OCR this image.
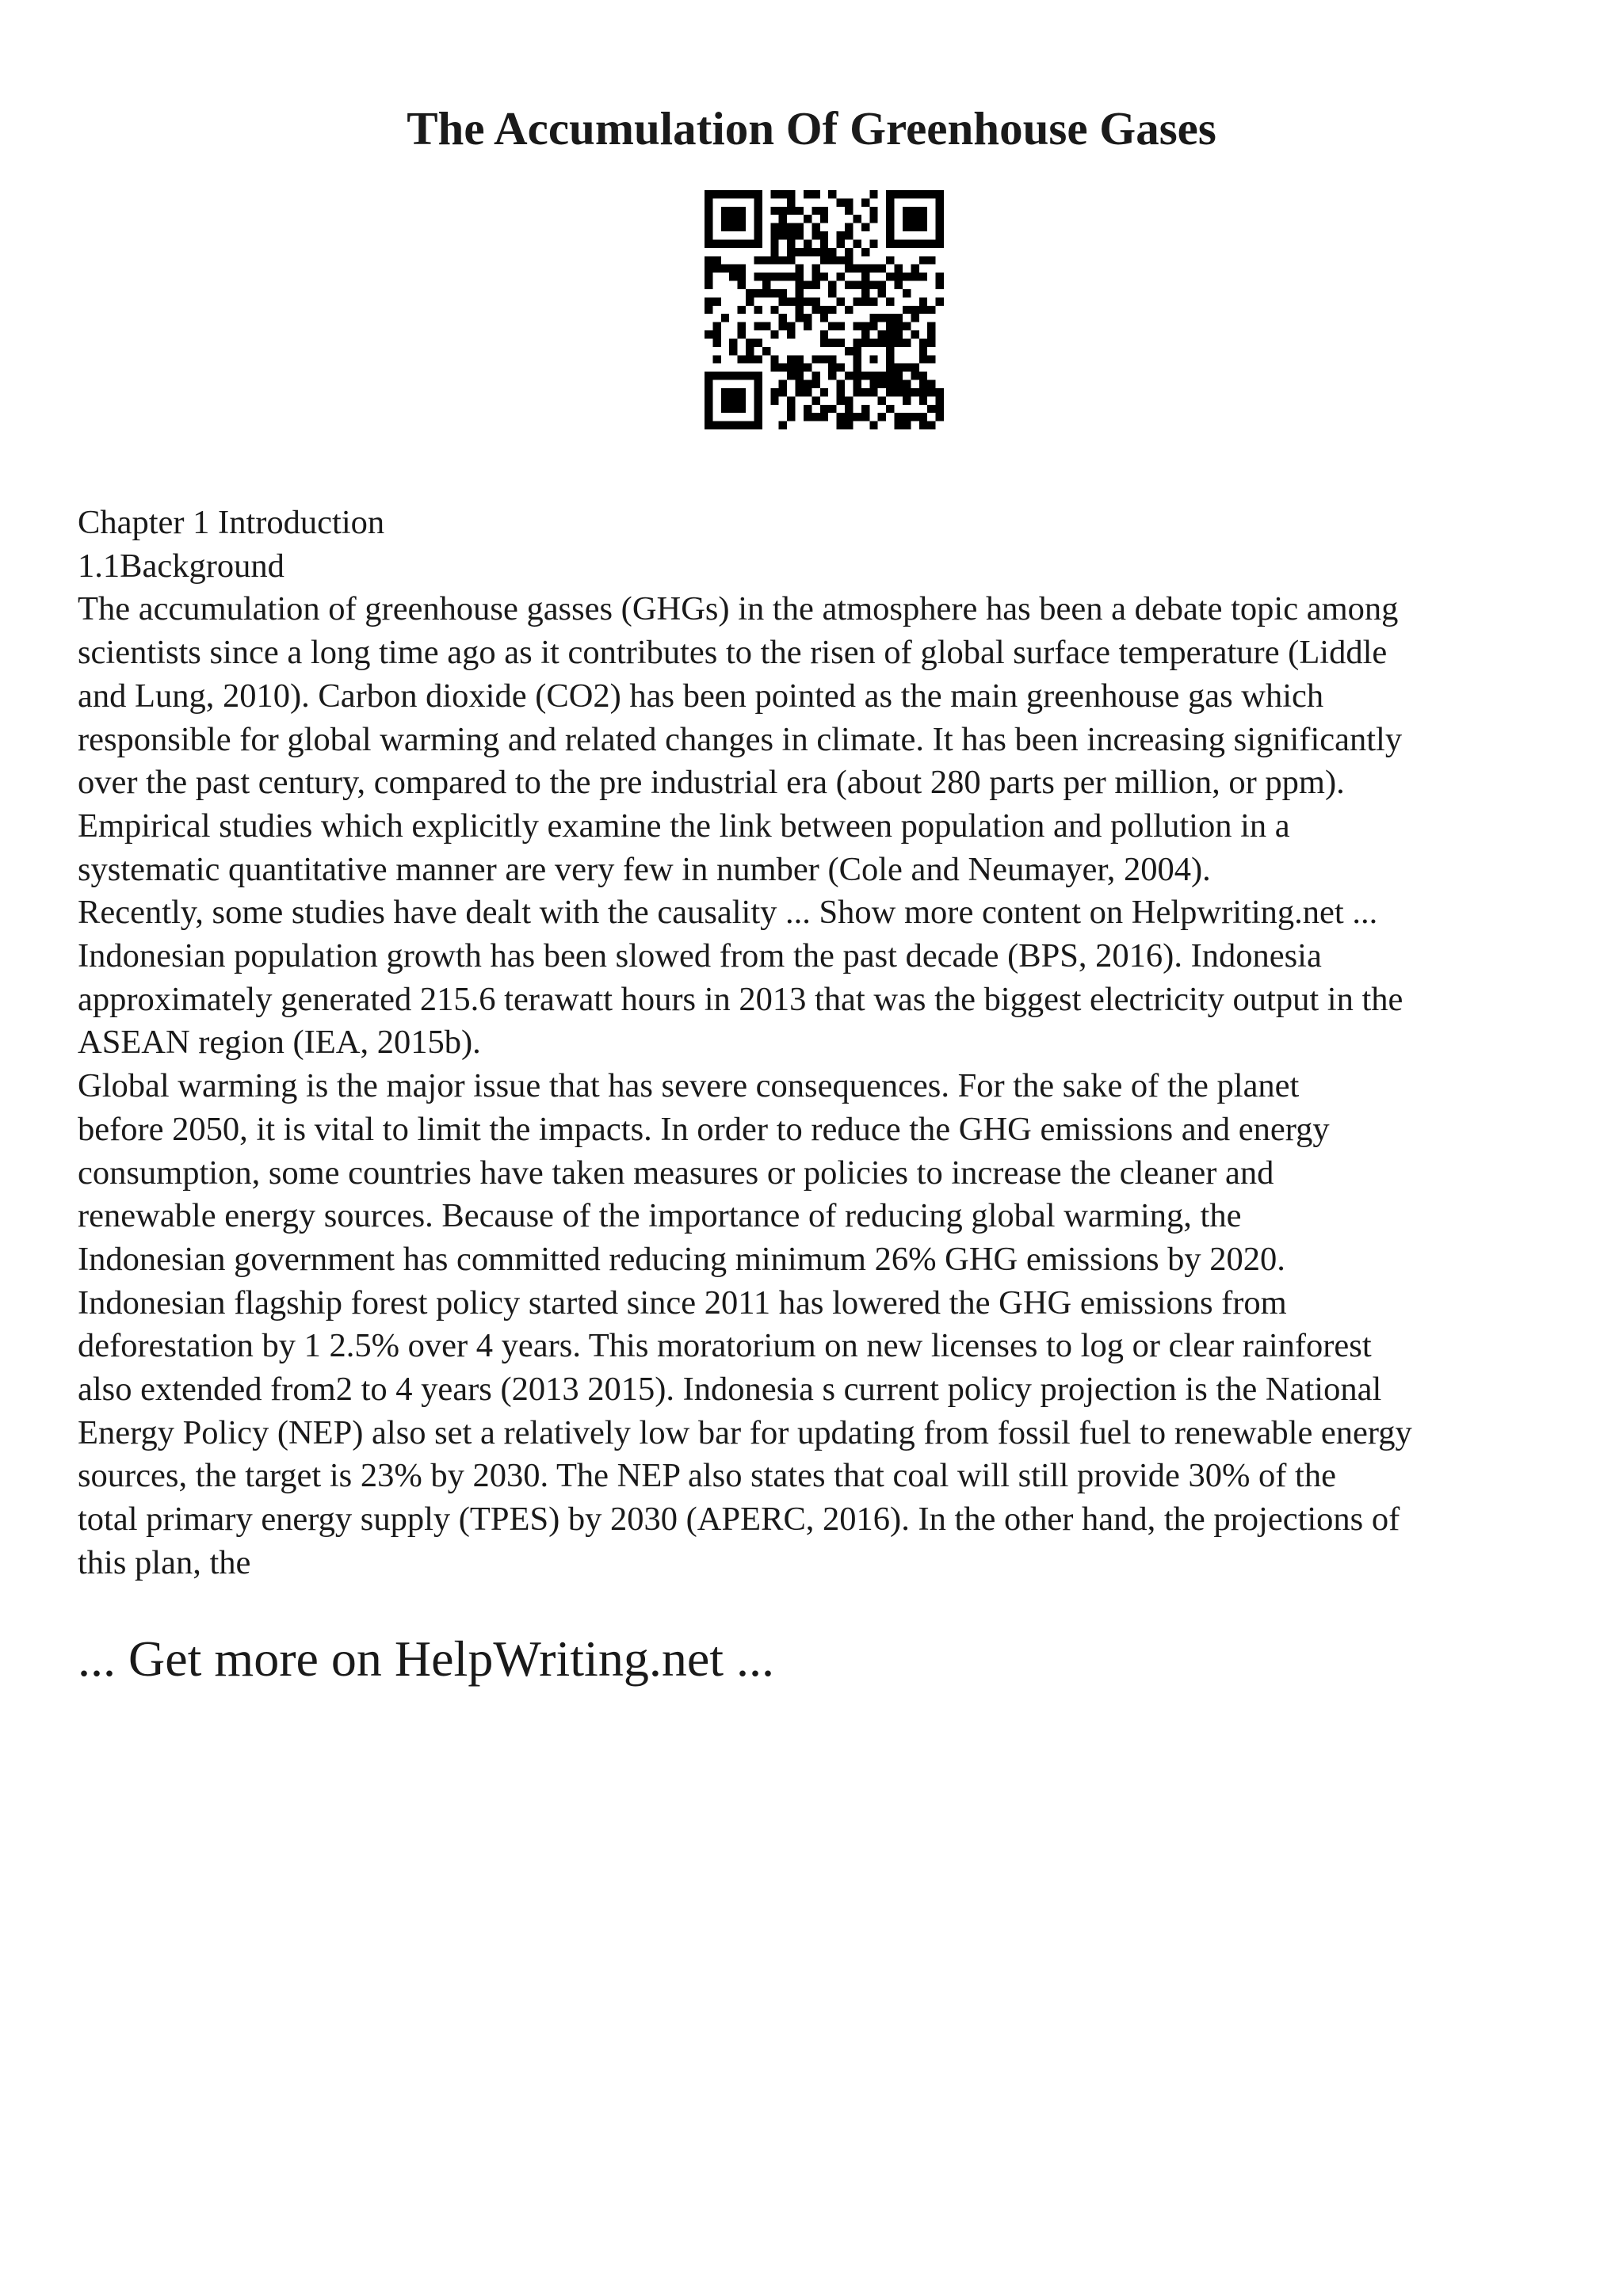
The Accumulation Of Greenhouse Gases
Chapter 1 Introduction
1.1Background
The accumulation of greenhouse gasses (GHGs) in the atmosphere has been a debate topic among
scientists since a long time ago as it contributes to the risen of global surface temperature (Liddle
and Lung, 2010). Carbon dioxide (CO2) has been pointed as the main greenhouse gas which
responsible for global warming and related changes in climate. It has been increasing significantly
over the past century, compared to the pre industrial era (about 280 parts per million, or ppm).
Empirical studies which explicitly examine the link between population and pollution in a
systematic quantitative manner are very few in number (Cole and Neumayer, 2004).
Recently, some studies have dealt with the causality ... Show more content on Helpwriting.net ...
Indonesian population growth has been slowed from the past decade (BPS, 2016). Indonesia
approximately generated 215.6 terawatt hours in 2013 that was the biggest electricity output in the
ASEAN region (IEA, 2015b).
Global warming is the major issue that has severe consequences. For the sake of the planet
before 2050, it is vital to limit the impacts. In order to reduce the GHG emissions and energy
consumption, some countries have taken measures or policies to increase the cleaner and
renewable energy sources. Because of the importance of reducing global warming, the
Indonesian government has committed reducing minimum 26% GHG emissions by 2020.
Indonesian flagship forest policy started since 2011 has lowered the GHG emissions from
deforestation by 1 2.5% over 4 years. This moratorium on new licenses to log or clear rainforest
also extended from2 to 4 years (2013 2015). Indonesia s current policy projection is the National
Energy Policy (NEP) also set a relatively low bar for updating from fossil fuel to renewable energy
sources, the target is 23% by 2030. The NEP also states that coal will still provide 30% of the
total primary energy supply (TPES) by 2030 (APERC, 2016). In the other hand, the projections of
this plan, the

... Get more on HelpWriting.net ...
